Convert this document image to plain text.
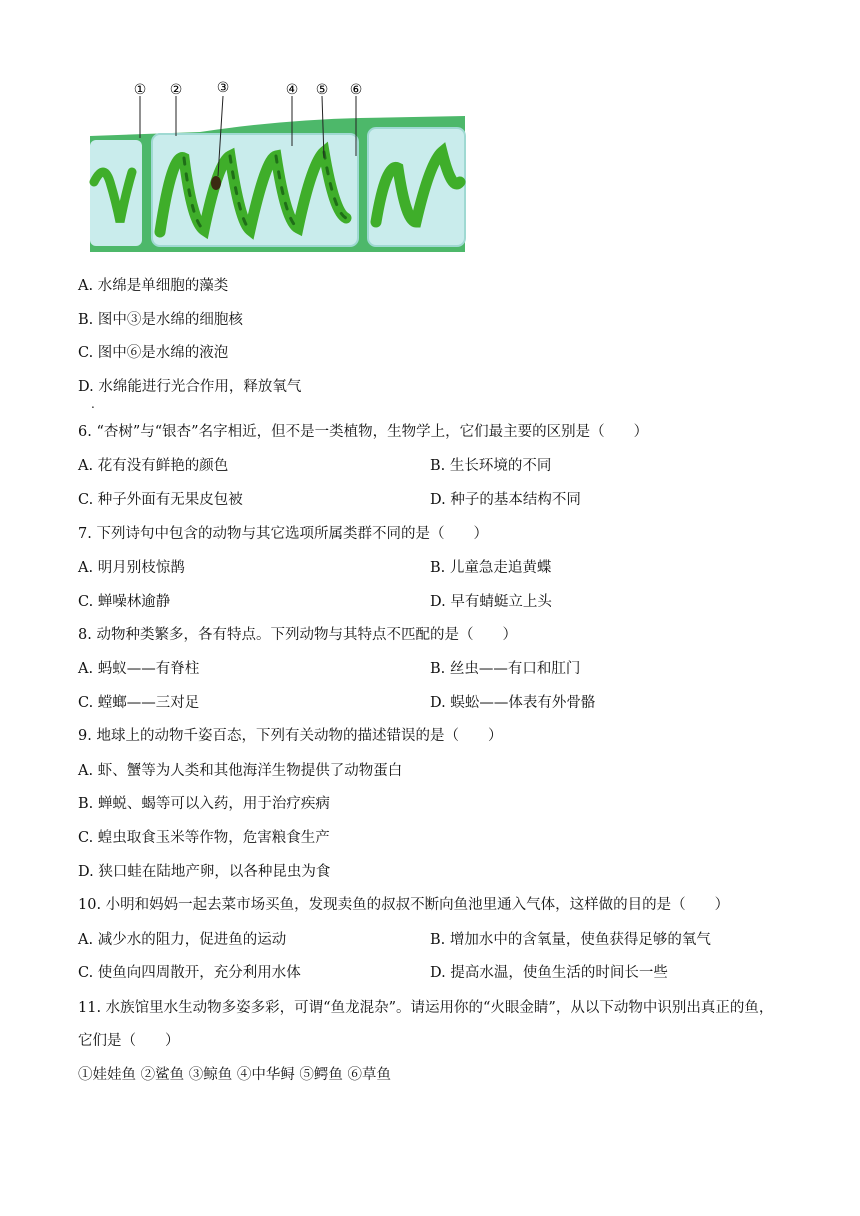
① ② ③	④ ⑤ ⑥
A. 水绵是单细胞的藻类
B. 图中③是水绵的细胞核
C. 图中⑥是水绵的液泡
D. 水绵能进行光合作用，释放氧气
.
6. “杏树”与“银杏”名字相近，但不是一类植物，生物学上，它们最主要的区别是（　　）
A. 花有没有鲜艳的颜色	B. 生长环境的不同
C. 种子外面有无果皮包被	D. 种子的基本结构不同
7. 下列诗句中包含的动物与其它选项所属类群不同的是（　　）
A. 明月别枝惊鹊	B. 儿童急走追黄蝶
C. 蝉噪林逾静	D. 早有蜻蜓立上头
8. 动物种类繁多，各有特点。下列动物与其特点不匹配的是（　　）
A. 蚂蚁——有脊柱	B. 丝虫——有口和肛门
C. 螳螂——三对足	D. 蜈蚣——体表有外骨骼
9. 地球上的动物千姿百态，下列有关动物的描述错误的是（　　）
A. 虾、蟹等为人类和其他海洋生物提供了动物蛋白
B. 蝉蜕、蝎等可以入药，用于治疗疾病
C. 蝗虫取食玉米等作物，危害粮食生产
D. 狭口蛙在陆地产卵，以各种昆虫为食
10. 小明和妈妈一起去菜市场买鱼，发现卖鱼的叔叔不断向鱼池里通入气体，这样做的目的是（　　）
A. 减少水的阻力，促进鱼的运动	B. 增加水中的含氧量，使鱼获得足够的氧气
C. 使鱼向四周散开，充分利用水体	D. 提高水温，使鱼生活的时间长一些
11. 水族馆里水生动物多姿多彩，可谓“鱼龙混杂”。请运用你的“火眼金睛”，从以下动物中识别出真正的鱼，
它们是（　　）
①娃娃鱼 ②鲨鱼 ③鲸鱼 ④中华鲟 ⑤鳄鱼 ⑥草鱼
